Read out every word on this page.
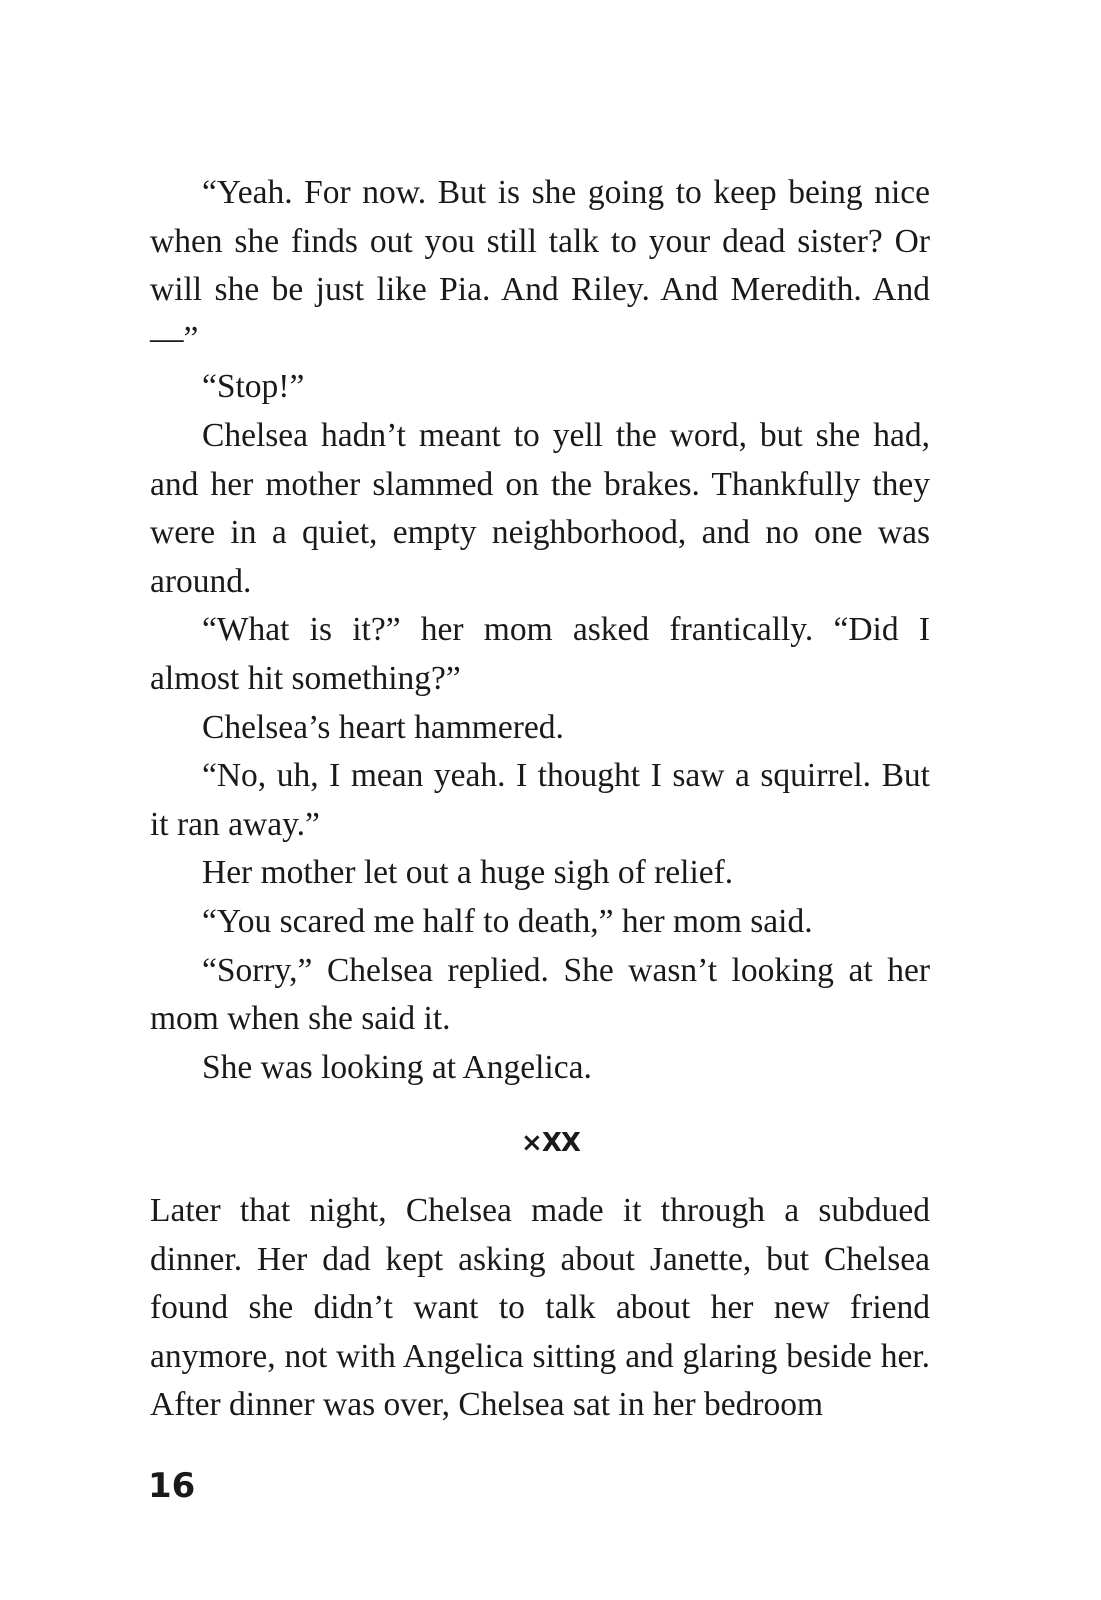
“Yeah. For now. But is she going to keep being nice when she finds out you still talk to your dead sister? Or will she be just like Pia. And Riley. And Meredith. And—”

“Stop!”

Chelsea hadn’t meant to yell the word, but she had, and her mother slammed on the brakes. Thankfully they were in a quiet, empty neighborhood, and no one was around.

“What is it?” her mom asked frantically. “Did I almost hit something?”

Chelsea’s heart hammered.

“No, uh, I mean yeah. I thought I saw a squirrel. But it ran away.”

Her mother let out a huge sigh of relief.

“You scared me half to death,” her mom said.

“Sorry,” Chelsea replied. She wasn’t looking at her mom when she said it.

She was looking at Angelica.

×XX

Later that night, Chelsea made it through a subdued dinner. Her dad kept asking about Janette, but Chelsea found she didn’t want to talk about her new friend anymore, not with Angelica sitting and glaring beside her. After dinner was over, Chelsea sat in her bedroom

16
